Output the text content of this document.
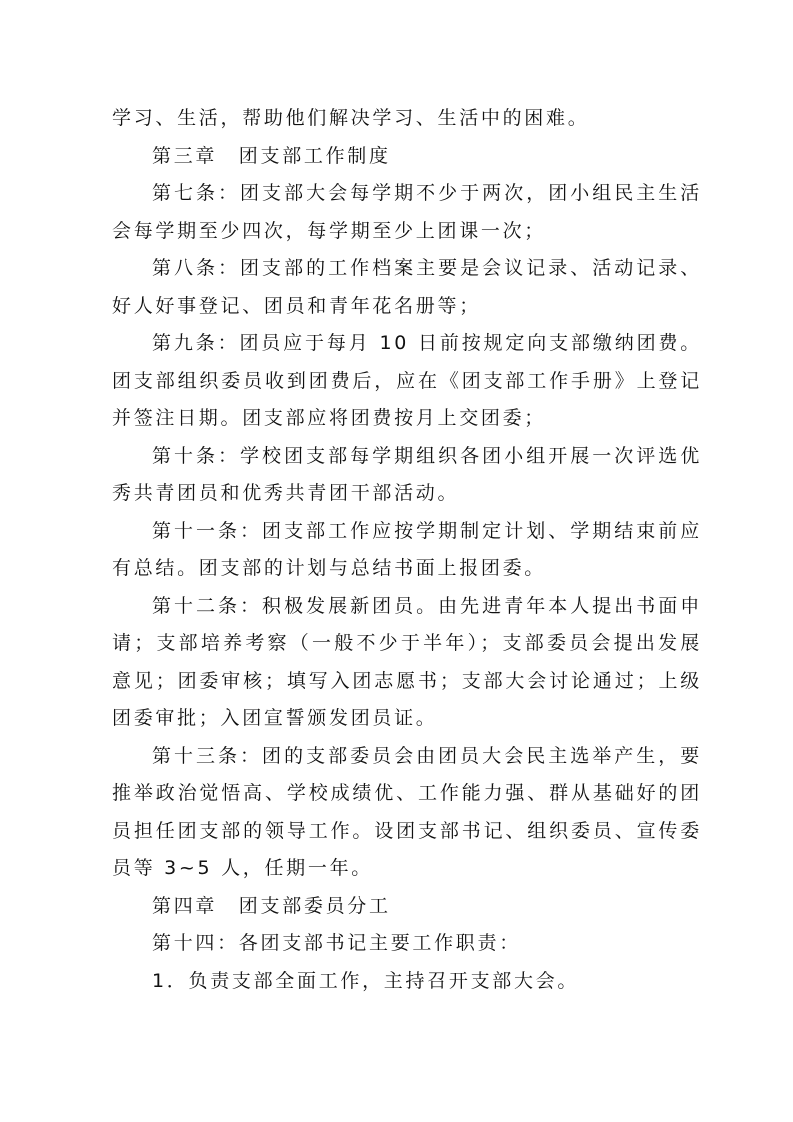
学习、生活，帮助他们解决学习、生活中的困难。

第三章　团支部工作制度

第七条：团支部大会每学期不少于两次，团小组民主生活会每学期至少四次，每学期至少上团课一次；

第八条：团支部的工作档案主要是会议记录、活动记录、好人好事登记、团员和青年花名册等；

第九条：团员应于每月 10 日前按规定向支部缴纳团费。团支部组织委员收到团费后，应在《团支部工作手册》上登记并签注日期。团支部应将团费按月上交团委；

第十条：学校团支部每学期组织各团小组开展一次评选优秀共青团员和优秀共青团干部活动。

第十一条：团支部工作应按学期制定计划、学期结束前应有总结。团支部的计划与总结书面上报团委。

第十二条：积极发展新团员。由先进青年本人提出书面申请；支部培养考察（一般不少于半年）；支部委员会提出发展意见；团委审核；填写入团志愿书；支部大会讨论通过；上级团委审批；入团宣誓颁发团员证。

第十三条：团的支部委员会由团员大会民主选举产生，要推举政治觉悟高、学校成绩优、工作能力强、群从基础好的团员担任团支部的领导工作。设团支部书记、组织委员、宣传委员等 3~5 人，任期一年。

第四章　团支部委员分工

第十四：各团支部书记主要工作职责：

1．负责支部全面工作，主持召开支部大会。
